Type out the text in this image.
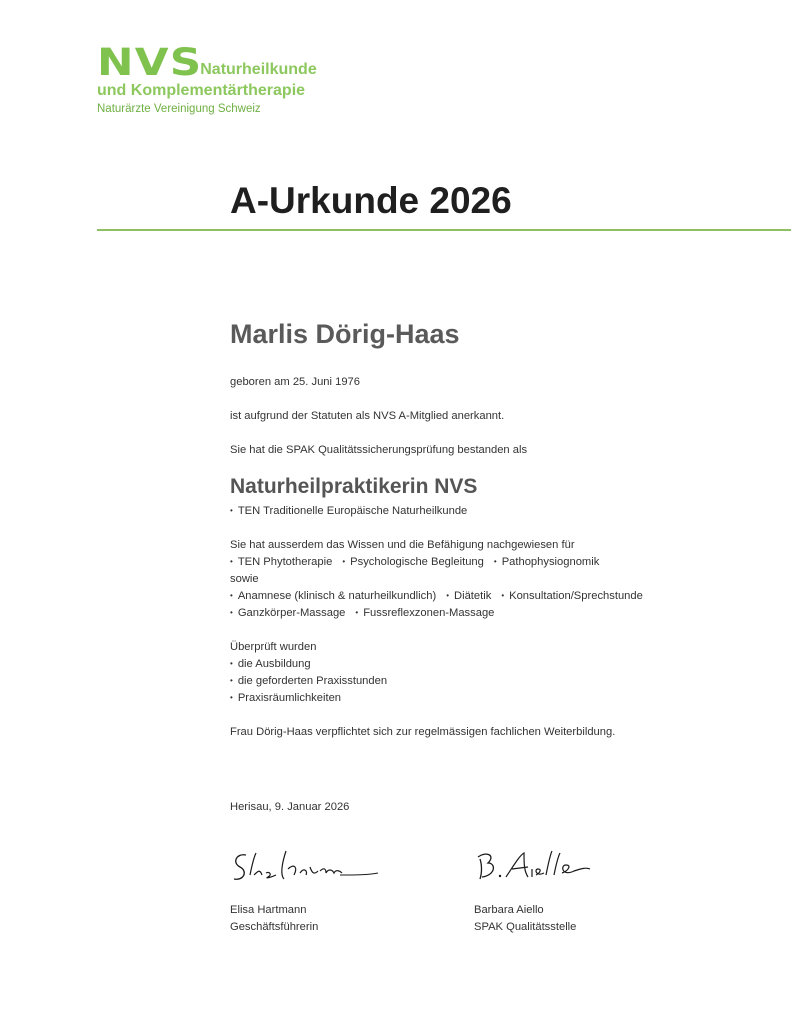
NVS
Naturheilkunde
und Komplementärtherapie
Naturärzte Vereinigung Schweiz
A-Urkunde 2026
Marlis Dörig-Haas

geboren am 25. Juni 1976

ist aufgrund der Statuten als NVS A-Mitglied anerkannt.

Sie hat die SPAK Qualitätssicherungsprüfung bestanden als

Naturheilpraktikerin NVS

• TEN Traditionelle Europäische Naturheilkunde

Sie hat ausserdem das Wissen und die Befähigung nachgewiesen für

• TEN Phytotherapie	• Psychologische Begleitung	• Pathophysiognomik

sowie

• Anamnese (klinisch & naturheilkundlich)	• Diätetik	• Konsultation/Sprechstunde
• Ganzkörper-Massage	• Fussreflexzonen-Massage

Überprüft wurden

• die Ausbildung

• die geforderten Praxisstunden

• Praxisräumlichkeiten

Frau Dörig-Haas verpflichtet sich zur regelmässigen fachlichen Weiterbildung.

Herisau, 9. Januar 2026

Elisa Hartmann
Geschäftsführerin
Barbara Aiello
SPAK Qualitätsstelle
